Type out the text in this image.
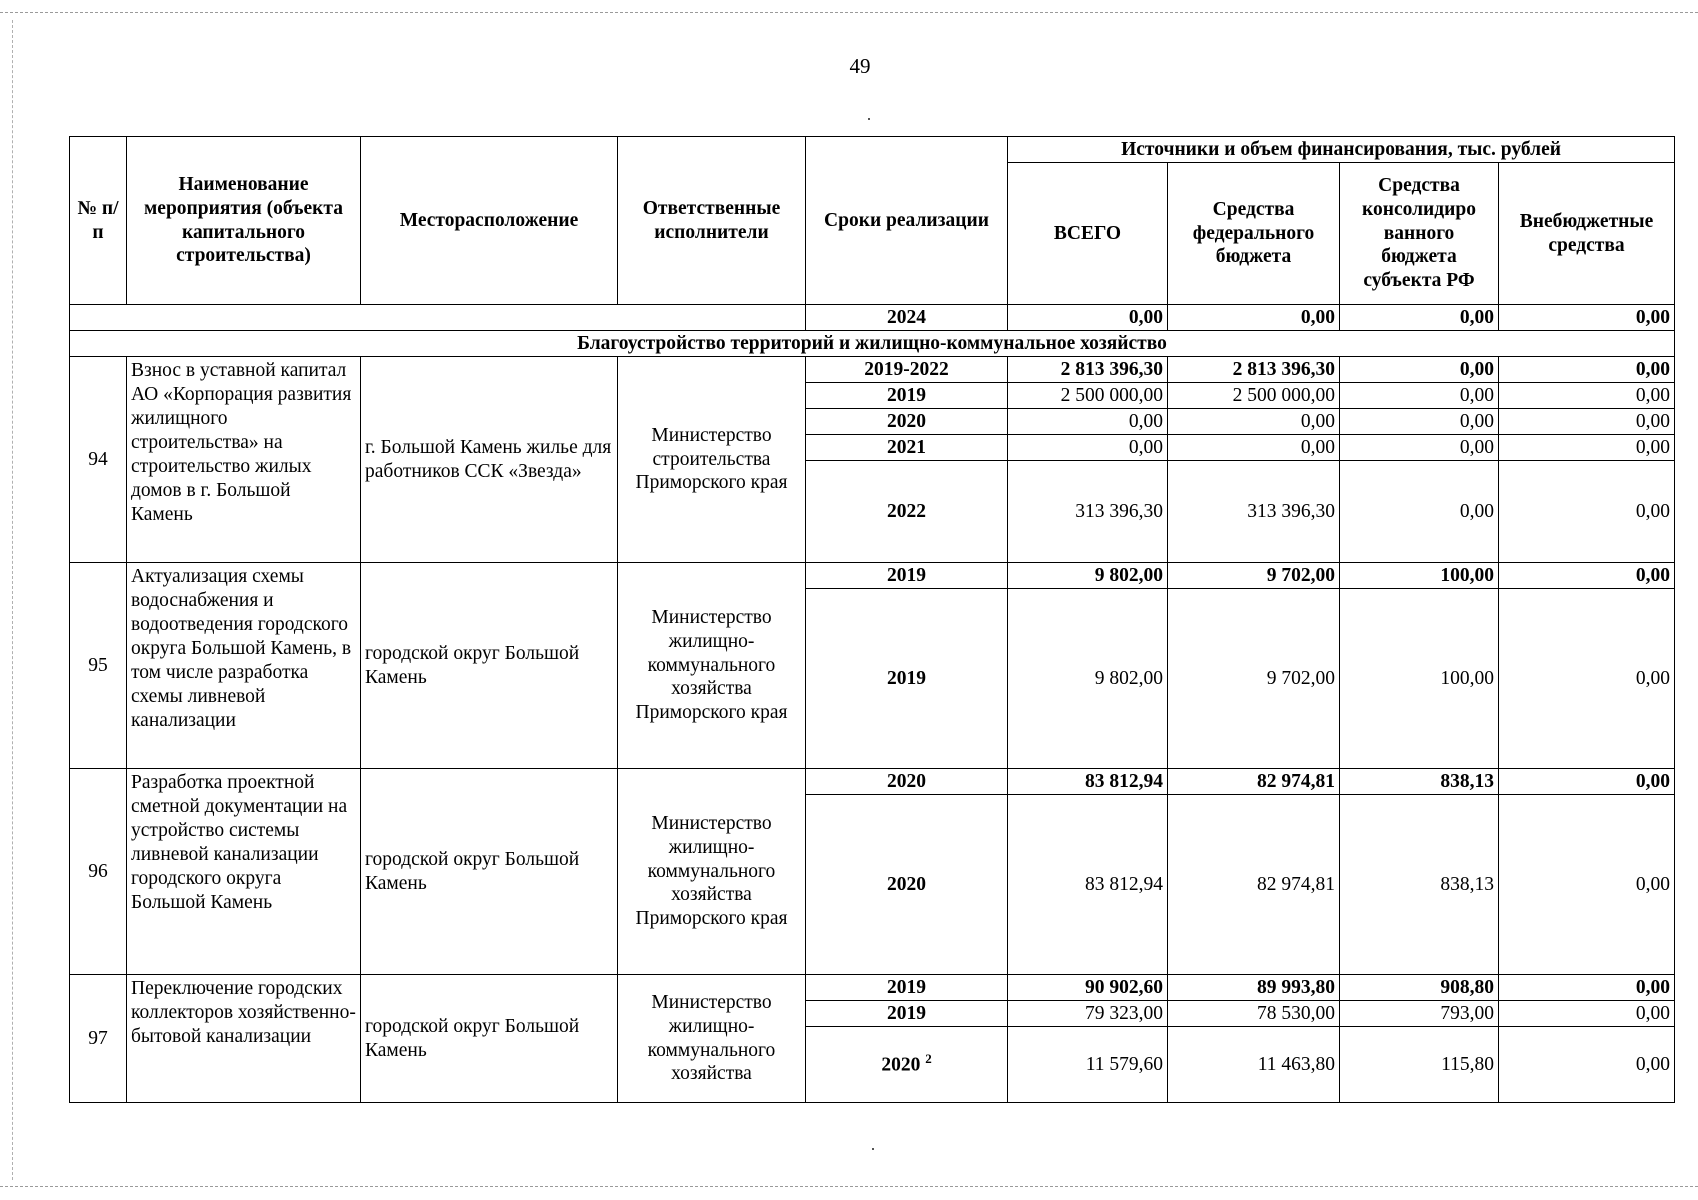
49
№ п/п	Наименование мероприятия (объекта капитального строительства)	Месторасположение	Ответственные исполнители	Сроки реализации	Источники и объем финансирования, тыс. рублей			
					ВСЕГО	Средства федерального бюджета	Средства консолидиро ванного бюджета субъекта РФ	Внебюджетные средства
				2024	0,00	0,00	0,00	0,00
Благоустройство территорий и жилищно-коммунальное хозяйство								
94	Взнос в уставной капитал АО «Корпорация развития жилищного строительства» на строительство жилых домов в г. Большой Камень	г. Большой Камень жилье для работников ССК «Звезда»	Министерство строительства Приморского края	2019-2022	2 813 396,30	2 813 396,30	0,00	0,00
				2019	2 500 000,00	2 500 000,00	0,00	0,00
				2020	0,00	0,00	0,00	0,00
				2021	0,00	0,00	0,00	0,00
				2022	313 396,30	313 396,30	0,00	0,00
95	Актуализация схемы водоснабжения и водоотведения городского округа Большой Камень, в том числе разработка схемы ливневой канализации	городской округ Большой Камень	Министерство жилищно-коммунального хозяйства Приморского края	2019	9 802,00	9 702,00	100,00	0,00
				2019	9 802,00	9 702,00	100,00	0,00
96	Разработка проектной сметной документации на устройство системы ливневой канализации городского округа Большой Камень	городской округ Большой Камень	Министерство жилищно-коммунального хозяйства Приморского края	2020	83 812,94	82 974,81	838,13	0,00
				2020	83 812,94	82 974,81	838,13	0,00
97	Переключение городских коллекторов хозяйственно-бытовой канализации	городской округ Большой Камень	Министерство жилищно-коммунального хозяйства	2019	90 902,60	89 993,80	908,80	0,00
				2019	79 323,00	78 530,00	793,00	0,00
				2020 $^2$	11 579,60	11 463,80	115,80	0,00
